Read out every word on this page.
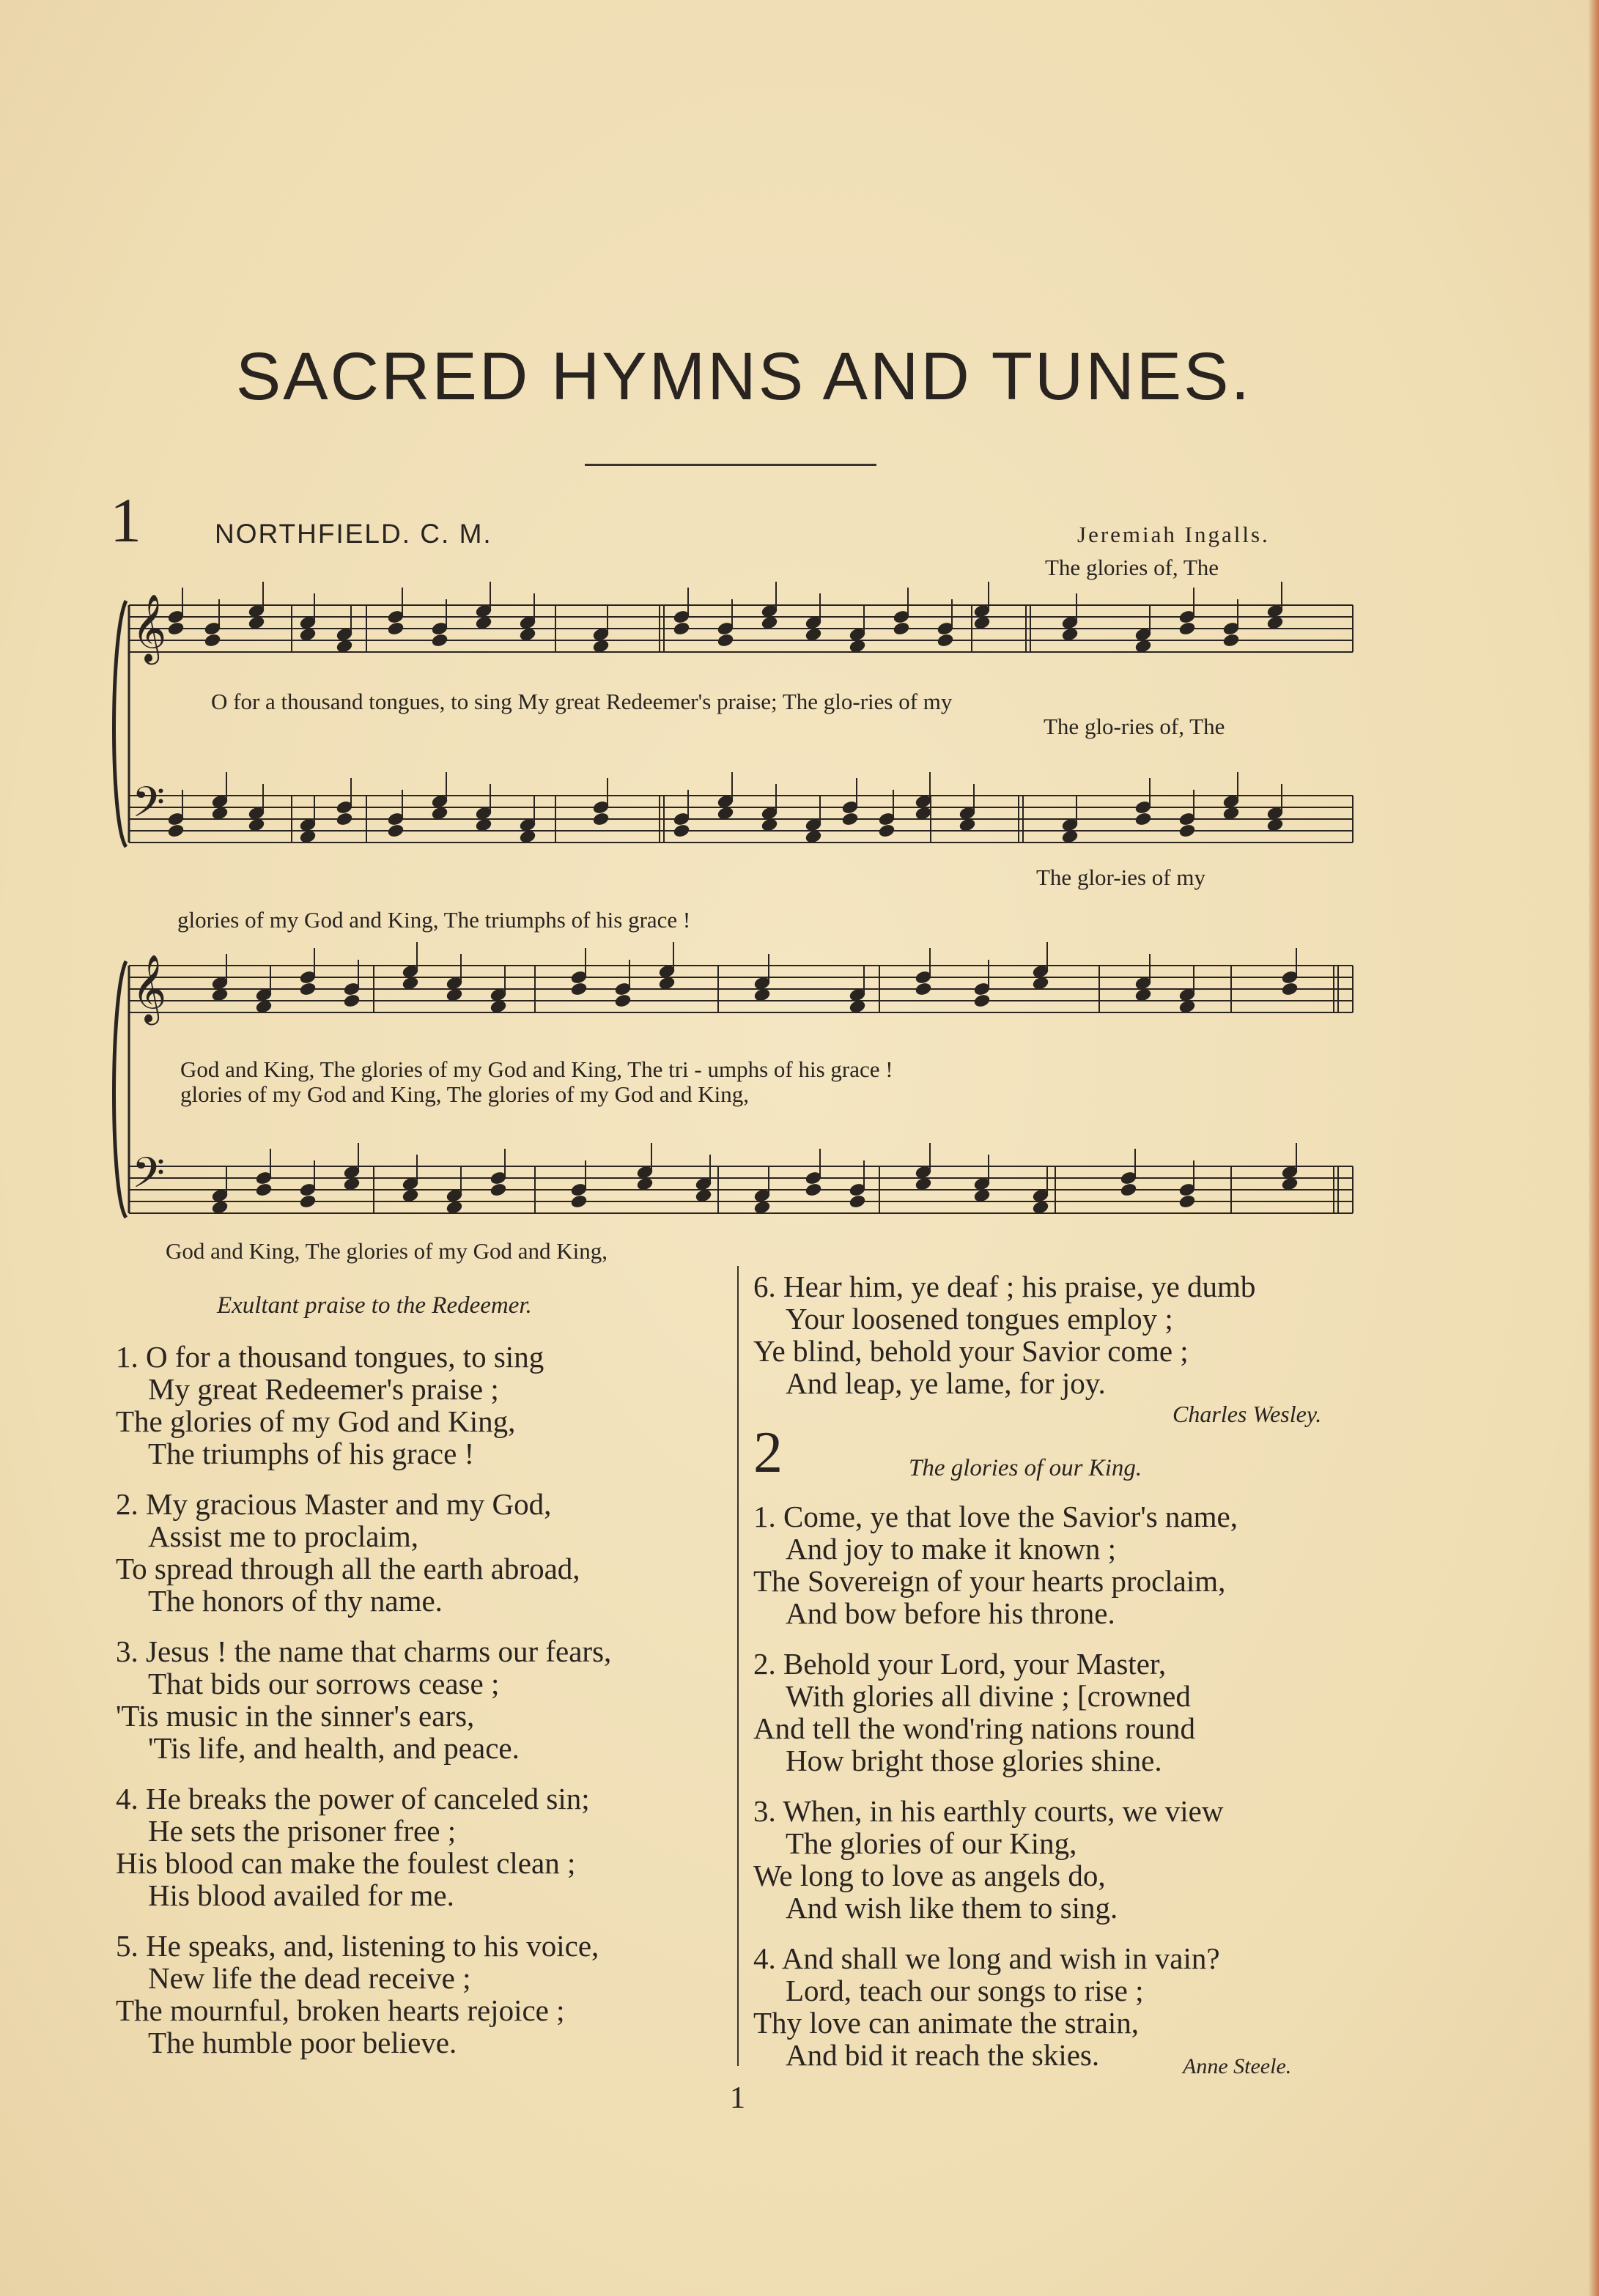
SACRED HYMNS AND TUNES.
1	NORTHFIELD. C. M.	Jeremiah Ingalls.
𝄞
𝄢
𝄞
𝄢
The glories of, The
O for a thousand tongues, to sing My great Redeemer's praise; The glo-ries of my
The glo-ries of, The
The glor-ies of my
glories of my God and King, The triumphs of his grace !
God and King, The glories of my God and King, The tri - umphs of his grace !
glories of my God and King, The glories of my God and King,
God and King, The glories of my God and King,
Exultant praise to the Redeemer.
1. O for a thousand tongues, to sing
My great Redeemer's praise ;
The glories of my God and King,
The triumphs of his grace !
2. My gracious Master and my God,
Assist me to proclaim,
To spread through all the earth abroad,
The honors of thy name.
3. Jesus ! the name that charms our fears,
That bids our sorrows cease ;
'Tis music in the sinner's ears,
'Tis life, and health, and peace.
4. He breaks the power of canceled sin;
He sets the prisoner free ;
His blood can make the foulest clean ;
His blood availed for me.
5. He speaks, and, listening to his voice,
New life the dead receive ;
The mournful, broken hearts rejoice ;
The humble poor believe.
6. Hear him, ye deaf ; his praise, ye dumb
Your loosened tongues employ ;
Ye blind, behold your Savior come ;
And leap, ye lame, for joy.
Charles Wesley.
2	The glories of our King.
1. Come, ye that love the Savior's name,
And joy to make it known ;
The Sovereign of your hearts proclaim,
And bow before his throne.
2. Behold your Lord, your Master,
With glories all divine ; [crowned
And tell the wond'ring nations round
How bright those glories shine.
3. When, in his earthly courts, we view
The glories of our King,
We long to love as angels do,
And wish like them to sing.
4. And shall we long and wish in vain?
Lord, teach our songs to rise ;
Thy love can animate the strain,
And bid it reach the skies.	Anne Steele.
1
